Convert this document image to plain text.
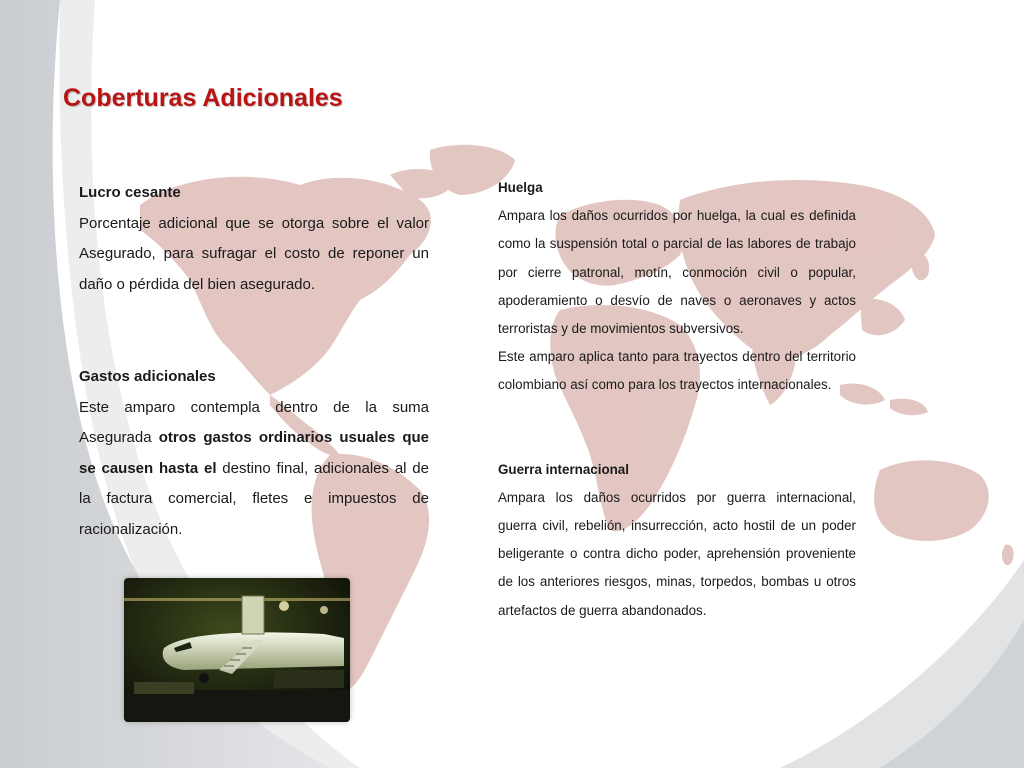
Coberturas Adicionales
Lucro cesante

Porcentaje adicional que se otorga sobre el valor Asegurado, para sufragar el costo de reponer un daño o pérdida del bien asegurado.

Gastos adicionales

Este amparo contempla dentro de la suma Asegurada otros gastos ordinarios usuales que se causen hasta el destino final, adicionales al de la factura comercial, fletes e impuestos de racionalización.

Huelga

Ampara los daños ocurridos por huelga, la cual es definida como la suspensión total o parcial de las labores de trabajo por cierre patronal, motín, conmoción civil o popular, apoderamiento o desvío de naves o aeronaves y actos terroristas y de movimientos subversivos.

Este amparo aplica tanto para trayectos dentro del territorio colombiano así como para los trayectos internacionales.

Guerra internacional

Ampara los daños ocurridos por guerra internacional, guerra civil, rebelión, insurrección, acto hostil de un poder beligerante o contra dicho poder, aprehensión proveniente de los anteriores riesgos, minas, torpedos, bombas u otros artefactos de guerra abandonados.
